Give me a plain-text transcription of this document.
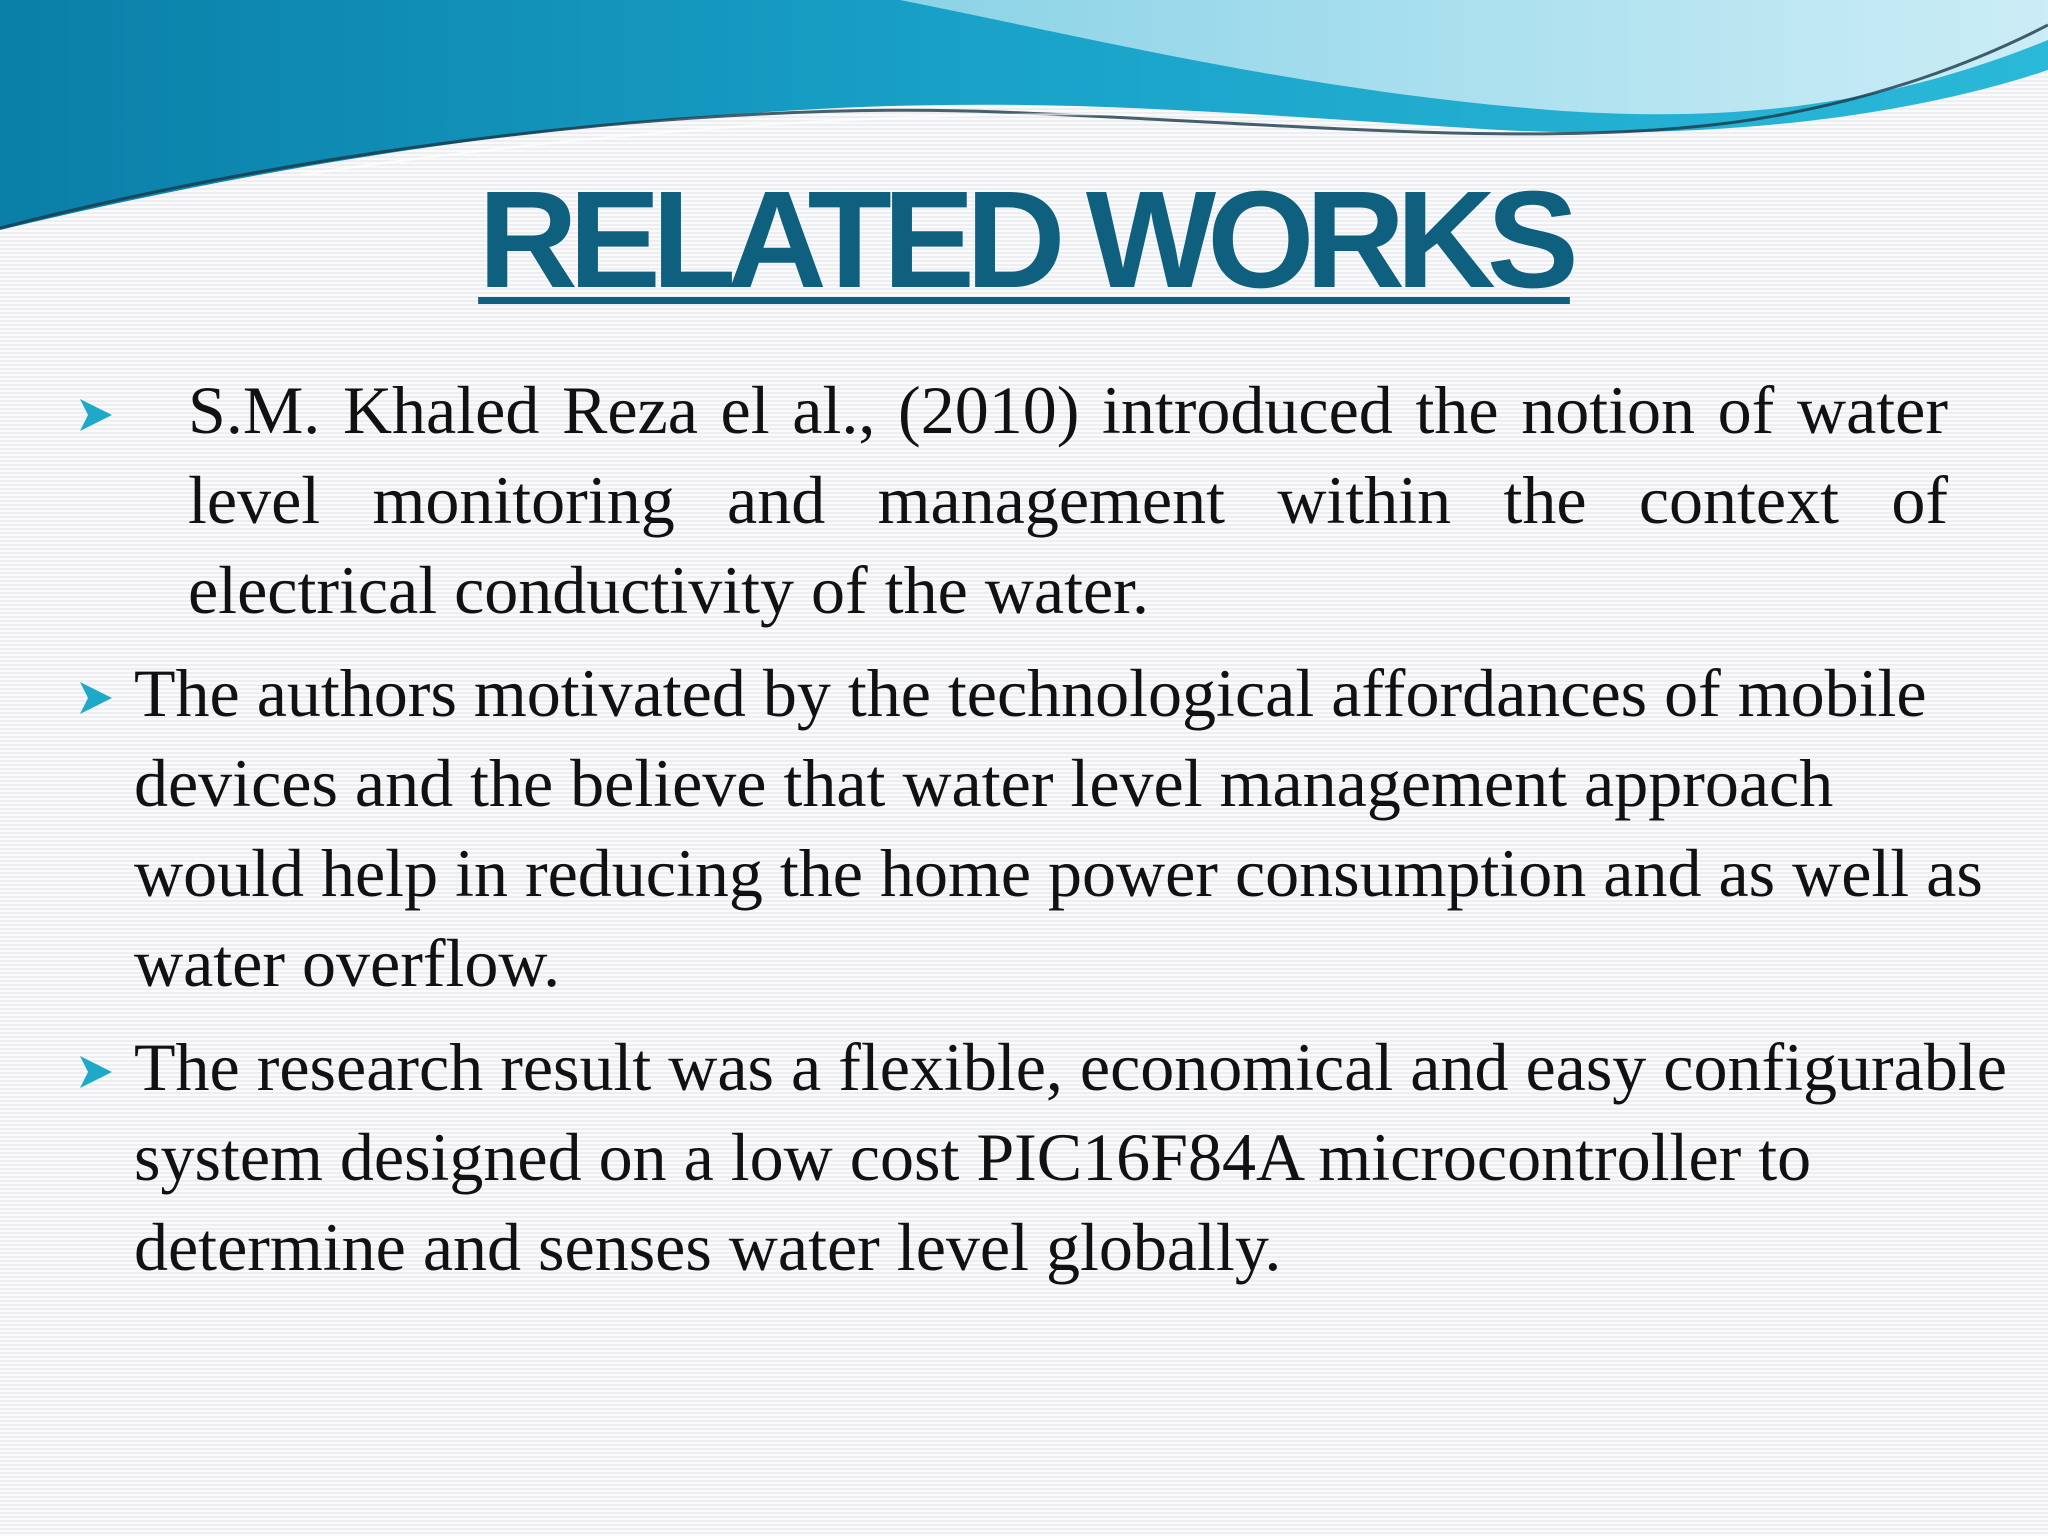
RELATED WORKS
S.M. Khaled Reza el al., (2010) introduced the notion of water level monitoring and management within the context of electrical conductivity of the water.
The authors motivated by the technological affordances of mobile devices and the believe that water level management approach would help in reducing the home power consumption and as well as water overflow.
The research result was a flexible, economical and easy configurable system designed on a low cost PIC16F84A microcontroller to determine and senses water level globally.
